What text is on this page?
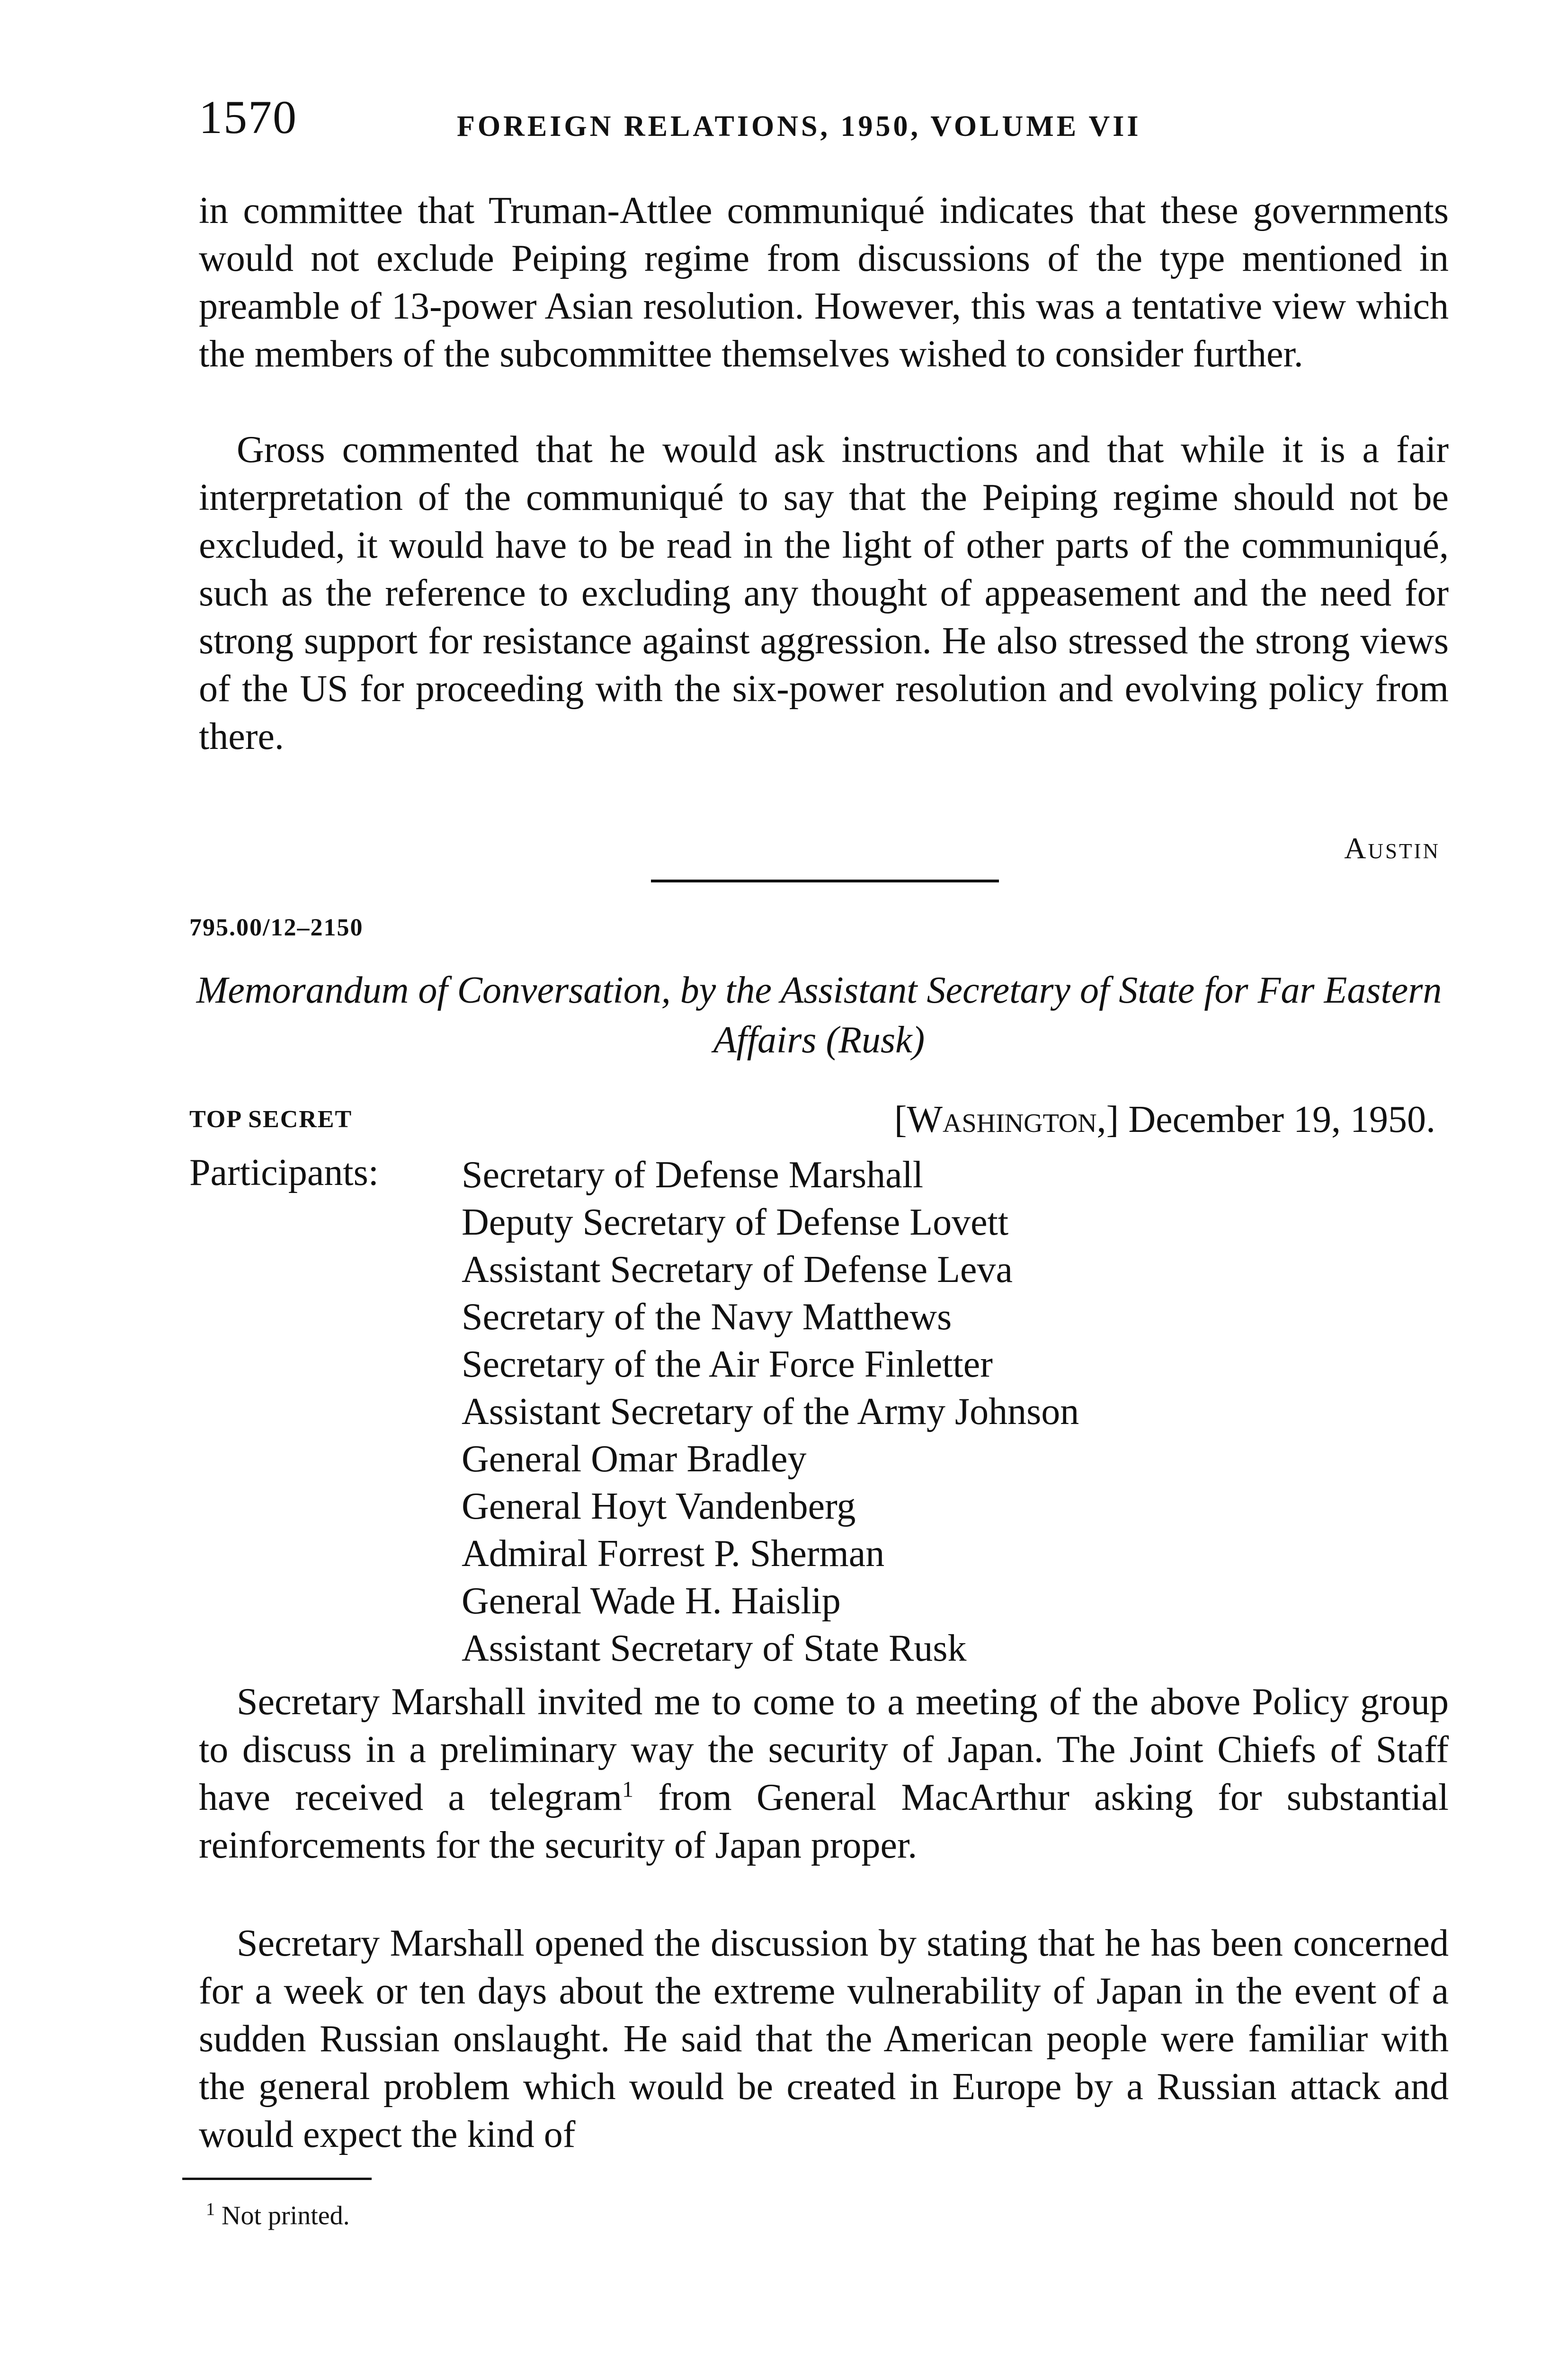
1570	FOREIGN RELATIONS, 1950, VOLUME VII

in committee that Truman-Attlee communiqué indicates that these governments would not exclude Peiping regime from discussions of the type mentioned in preamble of 13-power Asian resolution. However, this was a tentative view which the members of the subcommittee themselves wished to consider further.

Gross commented that he would ask instructions and that while it is a fair interpretation of the communiqué to say that the Peiping regime should not be excluded, it would have to be read in the light of other parts of the communiqué, such as the reference to excluding any thought of appeasement and the need for strong support for resistance against aggression. He also stressed the strong views of the US for proceeding with the six-power resolution and evolving policy from there.

Austin
795.00/12–2150

Memorandum of Conversation, by the Assistant Secretary of State for Far Eastern Affairs (Rusk)

TOP SECRET	[Washington,] December 19, 1950.
Participants: Secretary of Defense Marshall
Deputy Secretary of Defense Lovett
Assistant Secretary of Defense Leva
Secretary of the Navy Matthews
Secretary of the Air Force Finletter
Assistant Secretary of the Army Johnson
General Omar Bradley
General Hoyt Vandenberg
Admiral Forrest P. Sherman
General Wade H. Haislip
Assistant Secretary of State Rusk

Secretary Marshall invited me to come to a meeting of the above Policy group to discuss in a preliminary way the security of Japan. The Joint Chiefs of Staff have received a telegram$^1$ from General MacArthur asking for substantial reinforcements for the security of Japan proper.

Secretary Marshall opened the discussion by stating that he has been concerned for a week or ten days about the extreme vulnerability of Japan in the event of a sudden Russian onslaught. He said that the American people were familiar with the general problem which would be created in Europe by a Russian attack and would expect the kind of

$^1$ Not printed.
